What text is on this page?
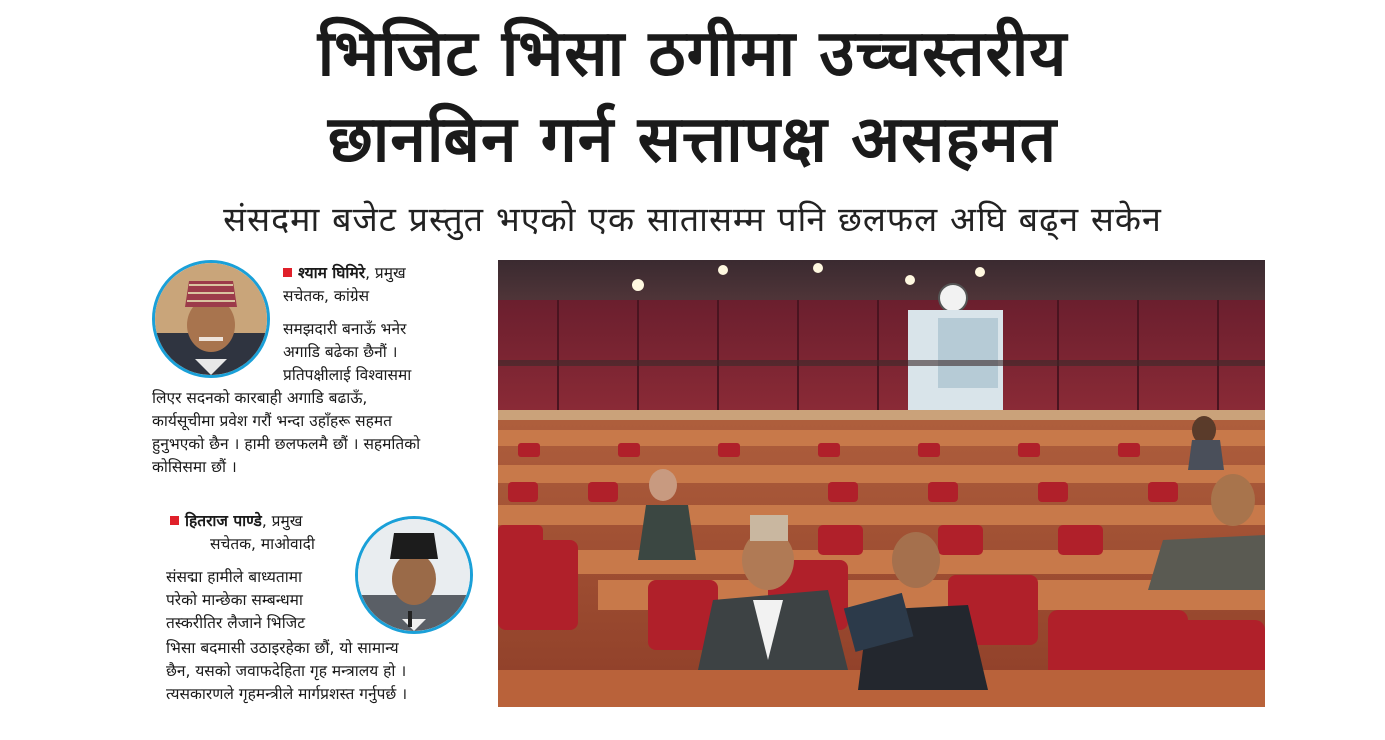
भिजिट भिसा ठगीमा उच्चस्तरीय
छानबिन गर्न सत्तापक्ष असहमत
संसदमा बजेट प्रस्तुत भएको एक सातासम्म पनि छलफल अघि बढ्न सकेन
श्याम घिमिरे, प्रमुख
सचेतक, कांग्रेस
समझदारी बनाऊँ भनेर
अगाडि बढेका छैनौं ।
प्रतिपक्षीलाई विश्वासमा
लिएर सदनको कारबाही अगाडि बढाऊँ,
कार्यसूचीमा प्रवेश गरौं भन्दा उहाँहरू सहमत
हुनुभएको छैन । हामी छलफलमै छौं । सहमतिको
कोसिसमा छौं ।
हितराज पाण्डे, प्रमुख
सचेतक, माओवादी
संसद्मा हामीले बाध्यतामा
परेको मान्छेका सम्बन्धमा
तस्करीतिर लैजाने भिजिट
भिसा बदमासी उठाइरहेका छौं, यो सामान्य
छैन, यसको जवाफदेहिता गृह मन्त्रालय हो ।
त्यसकारणले गृहमन्त्रीले मार्गप्रशस्त गर्नुपर्छ ।
